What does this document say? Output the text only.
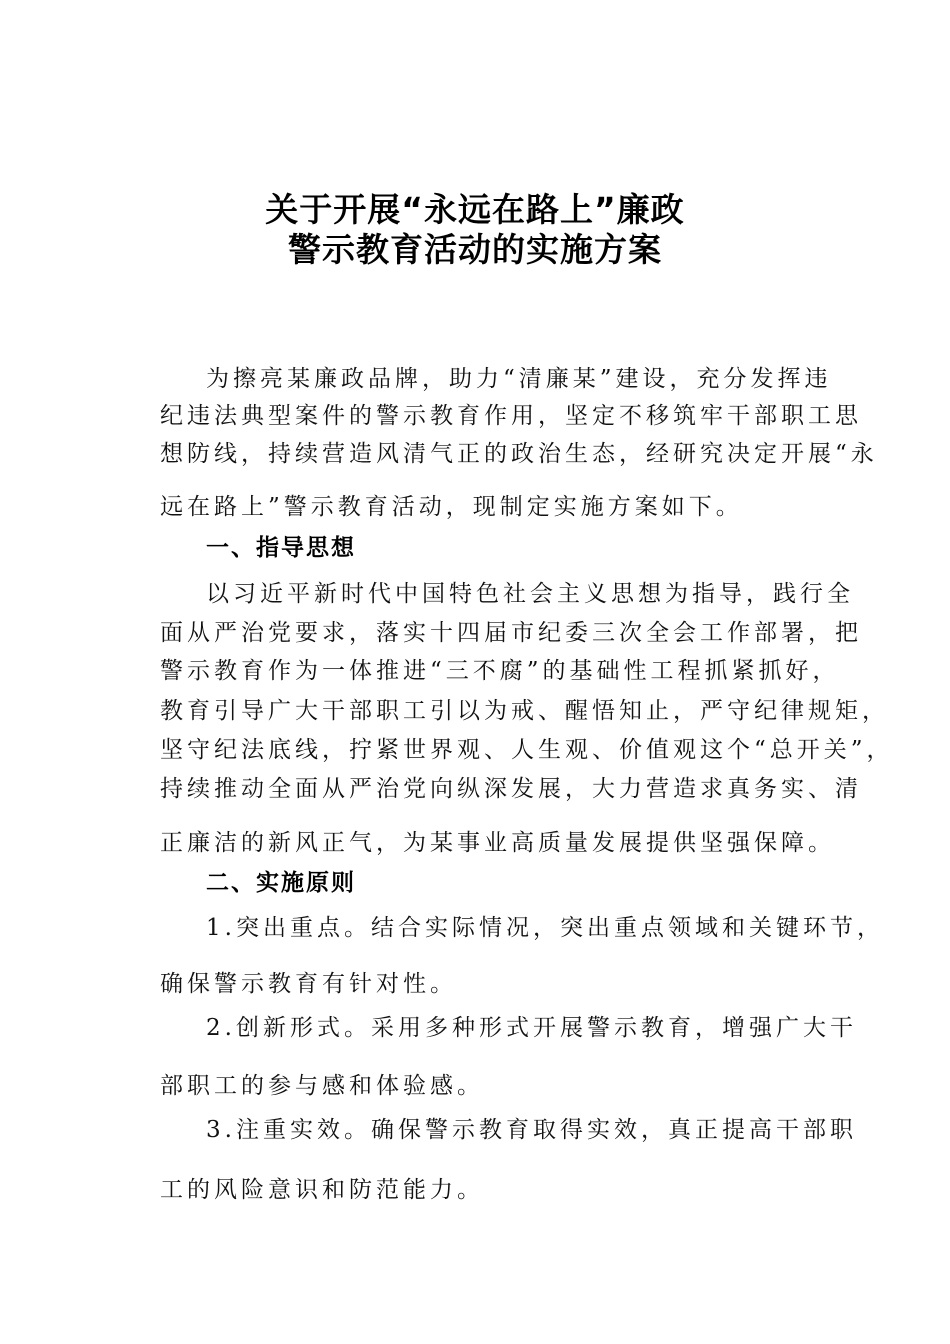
关于开展“永远在路上”廉政
警示教育活动的实施方案
为擦亮某廉政品牌，助力“清廉某”建设，充分发挥违
纪违法典型案件的警示教育作用，坚定不移筑牢干部职工思
想防线，持续营造风清气正的政治生态，经研究决定开展“永
远在路上”警示教育活动，现制定实施方案如下。
一、指导思想
以习近平新时代中国特色社会主义思想为指导，践行全
面从严治党要求，落实十四届市纪委三次全会工作部署，把
警示教育作为一体推进“三不腐”的基础性工程抓紧抓好，
教育引导广大干部职工引以为戒、醒悟知止，严守纪律规矩，
坚守纪法底线，拧紧世界观、人生观、价值观这个“总开关”，
持续推动全面从严治党向纵深发展，大力营造求真务实、清
正廉洁的新风正气，为某事业高质量发展提供坚强保障。
二、实施原则
1.突出重点。结合实际情况，突出重点领域和关键环节，
确保警示教育有针对性。
2.创新形式。采用多种形式开展警示教育，增强广大干
部职工的参与感和体验感。
3.注重实效。确保警示教育取得实效，真正提高干部职
工的风险意识和防范能力。
